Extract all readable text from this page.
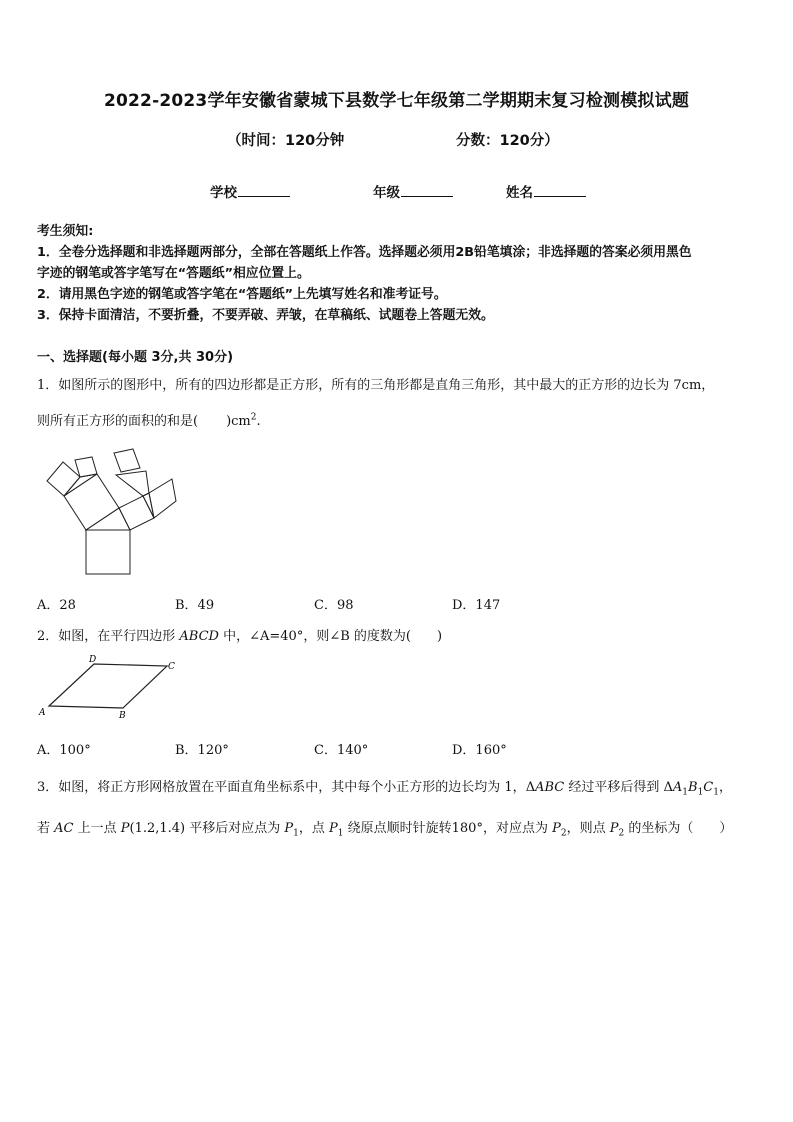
2022-2023学年安徽省蒙城下县数学七年级第二学期期末复习检测模拟试题
（时间：120分钟	分数：120分）
学校	年级	姓名
考生须知:
1．全卷分选择题和非选择题两部分，全部在答题纸上作答。选择题必须用2B铅笔填涂；非选择题的答案必须用黑色
字迹的钢笔或答字笔写在“答题纸”相应位置上。
2．请用黑色字迹的钢笔或答字笔在“答题纸”上先填写姓名和准考证号。
3．保持卡面清洁，不要折叠，不要弄破、弄皱，在草稿纸、试题卷上答题无效。
一、选择题(每小题 3分,共 30分)
1．如图所示的图形中，所有的四边形都是正方形，所有的三角形都是直角三角形，其中最大的正方形的边长为 7cm，
则所有正方形的面积的和是( )$cm^2$.
A．28	B．49	C．98	D．147
2．如图，在平行四边形 ABCD 中，∠A=40°，则∠B 的度数为( )
A	B
C
D
A．100°	B．120°	C．140°	D．160°
3．如图，将正方形网格放置在平面直角坐标系中，其中每个小正方形的边长均为 1，ΔABC 经过平移后得到 $\Delta A_1B_1C_1$，
若 AC 上一点 P(1.2,1.4) 平移后对应点为 $P_1$，点 $P_1$ 绕原点顺时针旋转180°，对应点为 $P_2$，则点 $P_2$ 的坐标为（　　）
